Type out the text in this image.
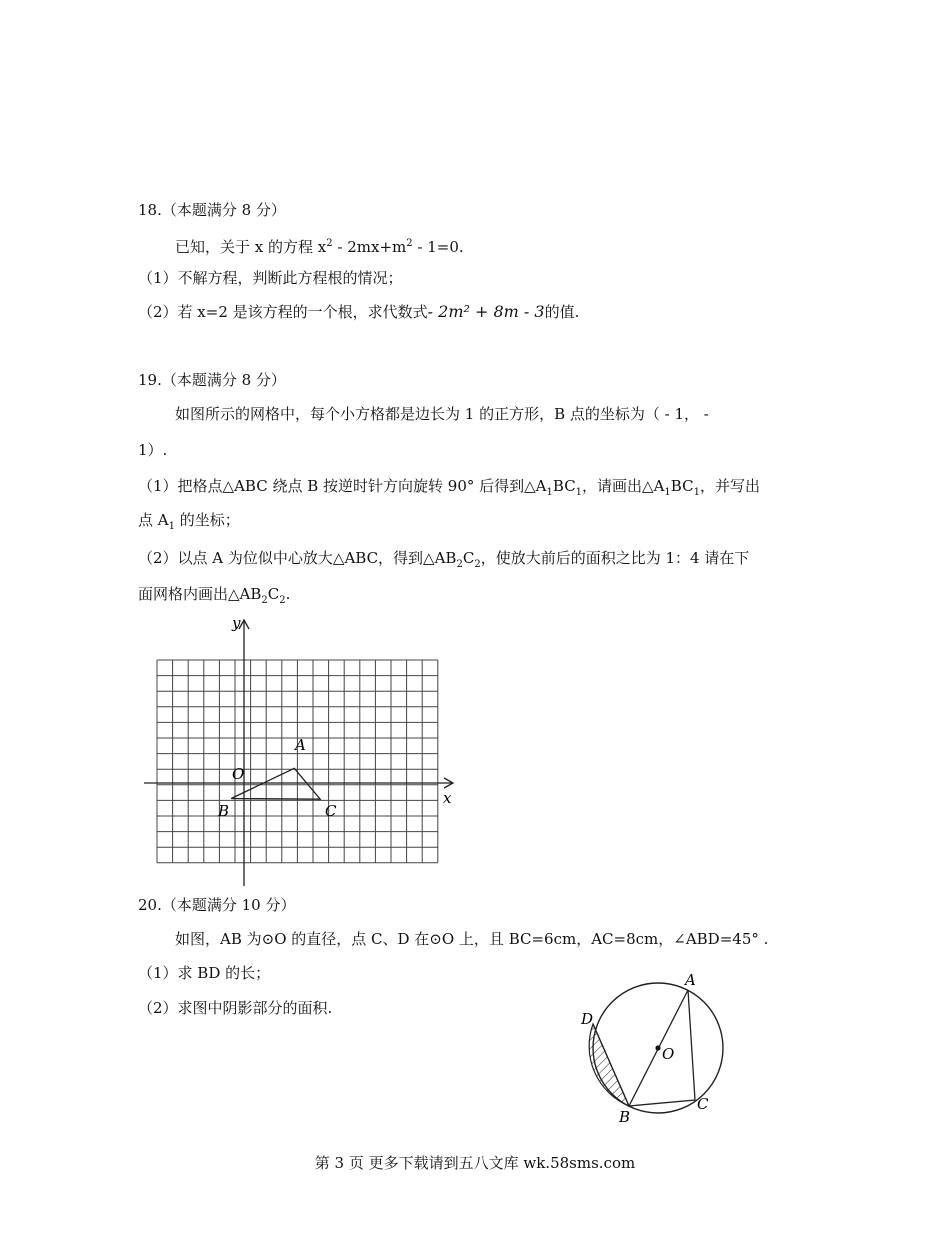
18.（本题满分 8 分）
已知，关于 x 的方程 $x^2 - 2mx+m^2 - 1=0$.
（1）不解方程，判断此方程根的情况；
（2）若 x=2 是该方程的一个根，求代数式- 2m² + 8m - 3的值.
19.（本题满分 8 分）
如图所示的网格中，每个小方格都是边长为 1 的正方形，B 点的坐标为（ - 1， -
1）.
（1）把格点△ABC 绕点 B 按逆时针方向旋转 90° 后得到$\triangle A_1BC_1$，请画出$\triangle A_1BC_1$，并写出
点 $A_1$ 的坐标；
（2）以点 A 为位似中心放大△ABC，得到$\triangle AB_2C_2$，使放大前后的面积之比为 1：4 请在下
面网格内画出$\triangle AB_2C_2$.
y
x
O
A
B	C
20.（本题满分 10 分）
如图，AB 为⊙O 的直径，点 C、D 在⊙O 上，且 BC=6cm，AC=8cm，∠ABD=45° .
（1）求 BD 的长；
（2）求图中阴影部分的面积.
A
D
O
B
C
第 3 页 更多下载请到五八文库 wk.58sms.com
